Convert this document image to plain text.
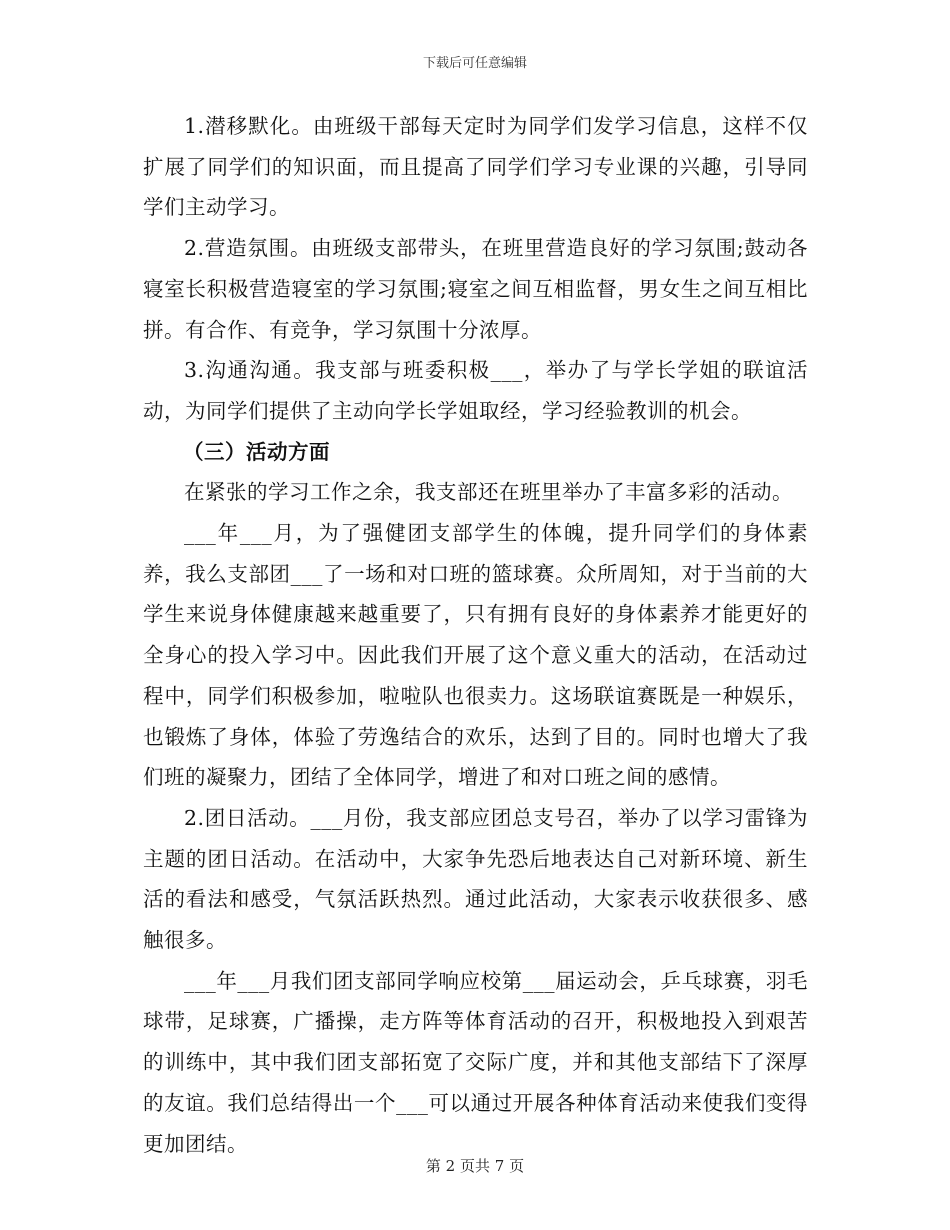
下载后可任意编辑

1.潜移默化。由班级干部每天定时为同学们发学习信息，这样不仅扩展了同学们的知识面，而且提高了同学们学习专业课的兴趣，引导同学们主动学习。

2.营造氛围。由班级支部带头，在班里营造良好的学习氛围;鼓动各寝室长积极营造寝室的学习氛围;寝室之间互相监督，男女生之间互相比拼。有合作、有竞争，学习氛围十分浓厚。

3.沟通沟通。我支部与班委积极___，举办了与学长学姐的联谊活动，为同学们提供了主动向学长学姐取经，学习经验教训的机会。

（三）活动方面

在紧张的学习工作之余，我支部还在班里举办了丰富多彩的活动。

___年___月，为了强健团支部学生的体魄，提升同学们的身体素养，我么支部团___了一场和对口班的篮球赛。众所周知，对于当前的大学生来说身体健康越来越重要了，只有拥有良好的身体素养才能更好的全身心的投入学习中。因此我们开展了这个意义重大的活动，在活动过程中，同学们积极参加，啦啦队也很卖力。这场联谊赛既是一种娱乐，也锻炼了身体，体验了劳逸结合的欢乐，达到了目的。同时也增大了我们班的凝聚力，团结了全体同学，增进了和对口班之间的感情。

2.团日活动。___月份，我支部应团总支号召，举办了以学习雷锋为主题的团日活动。在活动中，大家争先恐后地表达自己对新环境、新生活的看法和感受，气氛活跃热烈。通过此活动，大家表示收获很多、感触很多。

___年___月我们团支部同学响应校第___届运动会，乒乓球赛，羽毛球带，足球赛，广播操，走方阵等体育活动的召开，积极地投入到艰苦的训练中，其中我们团支部拓宽了交际广度，并和其他支部结下了深厚的友谊。我们总结得出一个___可以通过开展各种体育活动来使我们变得更加团结。

第 2 页共 7 页
